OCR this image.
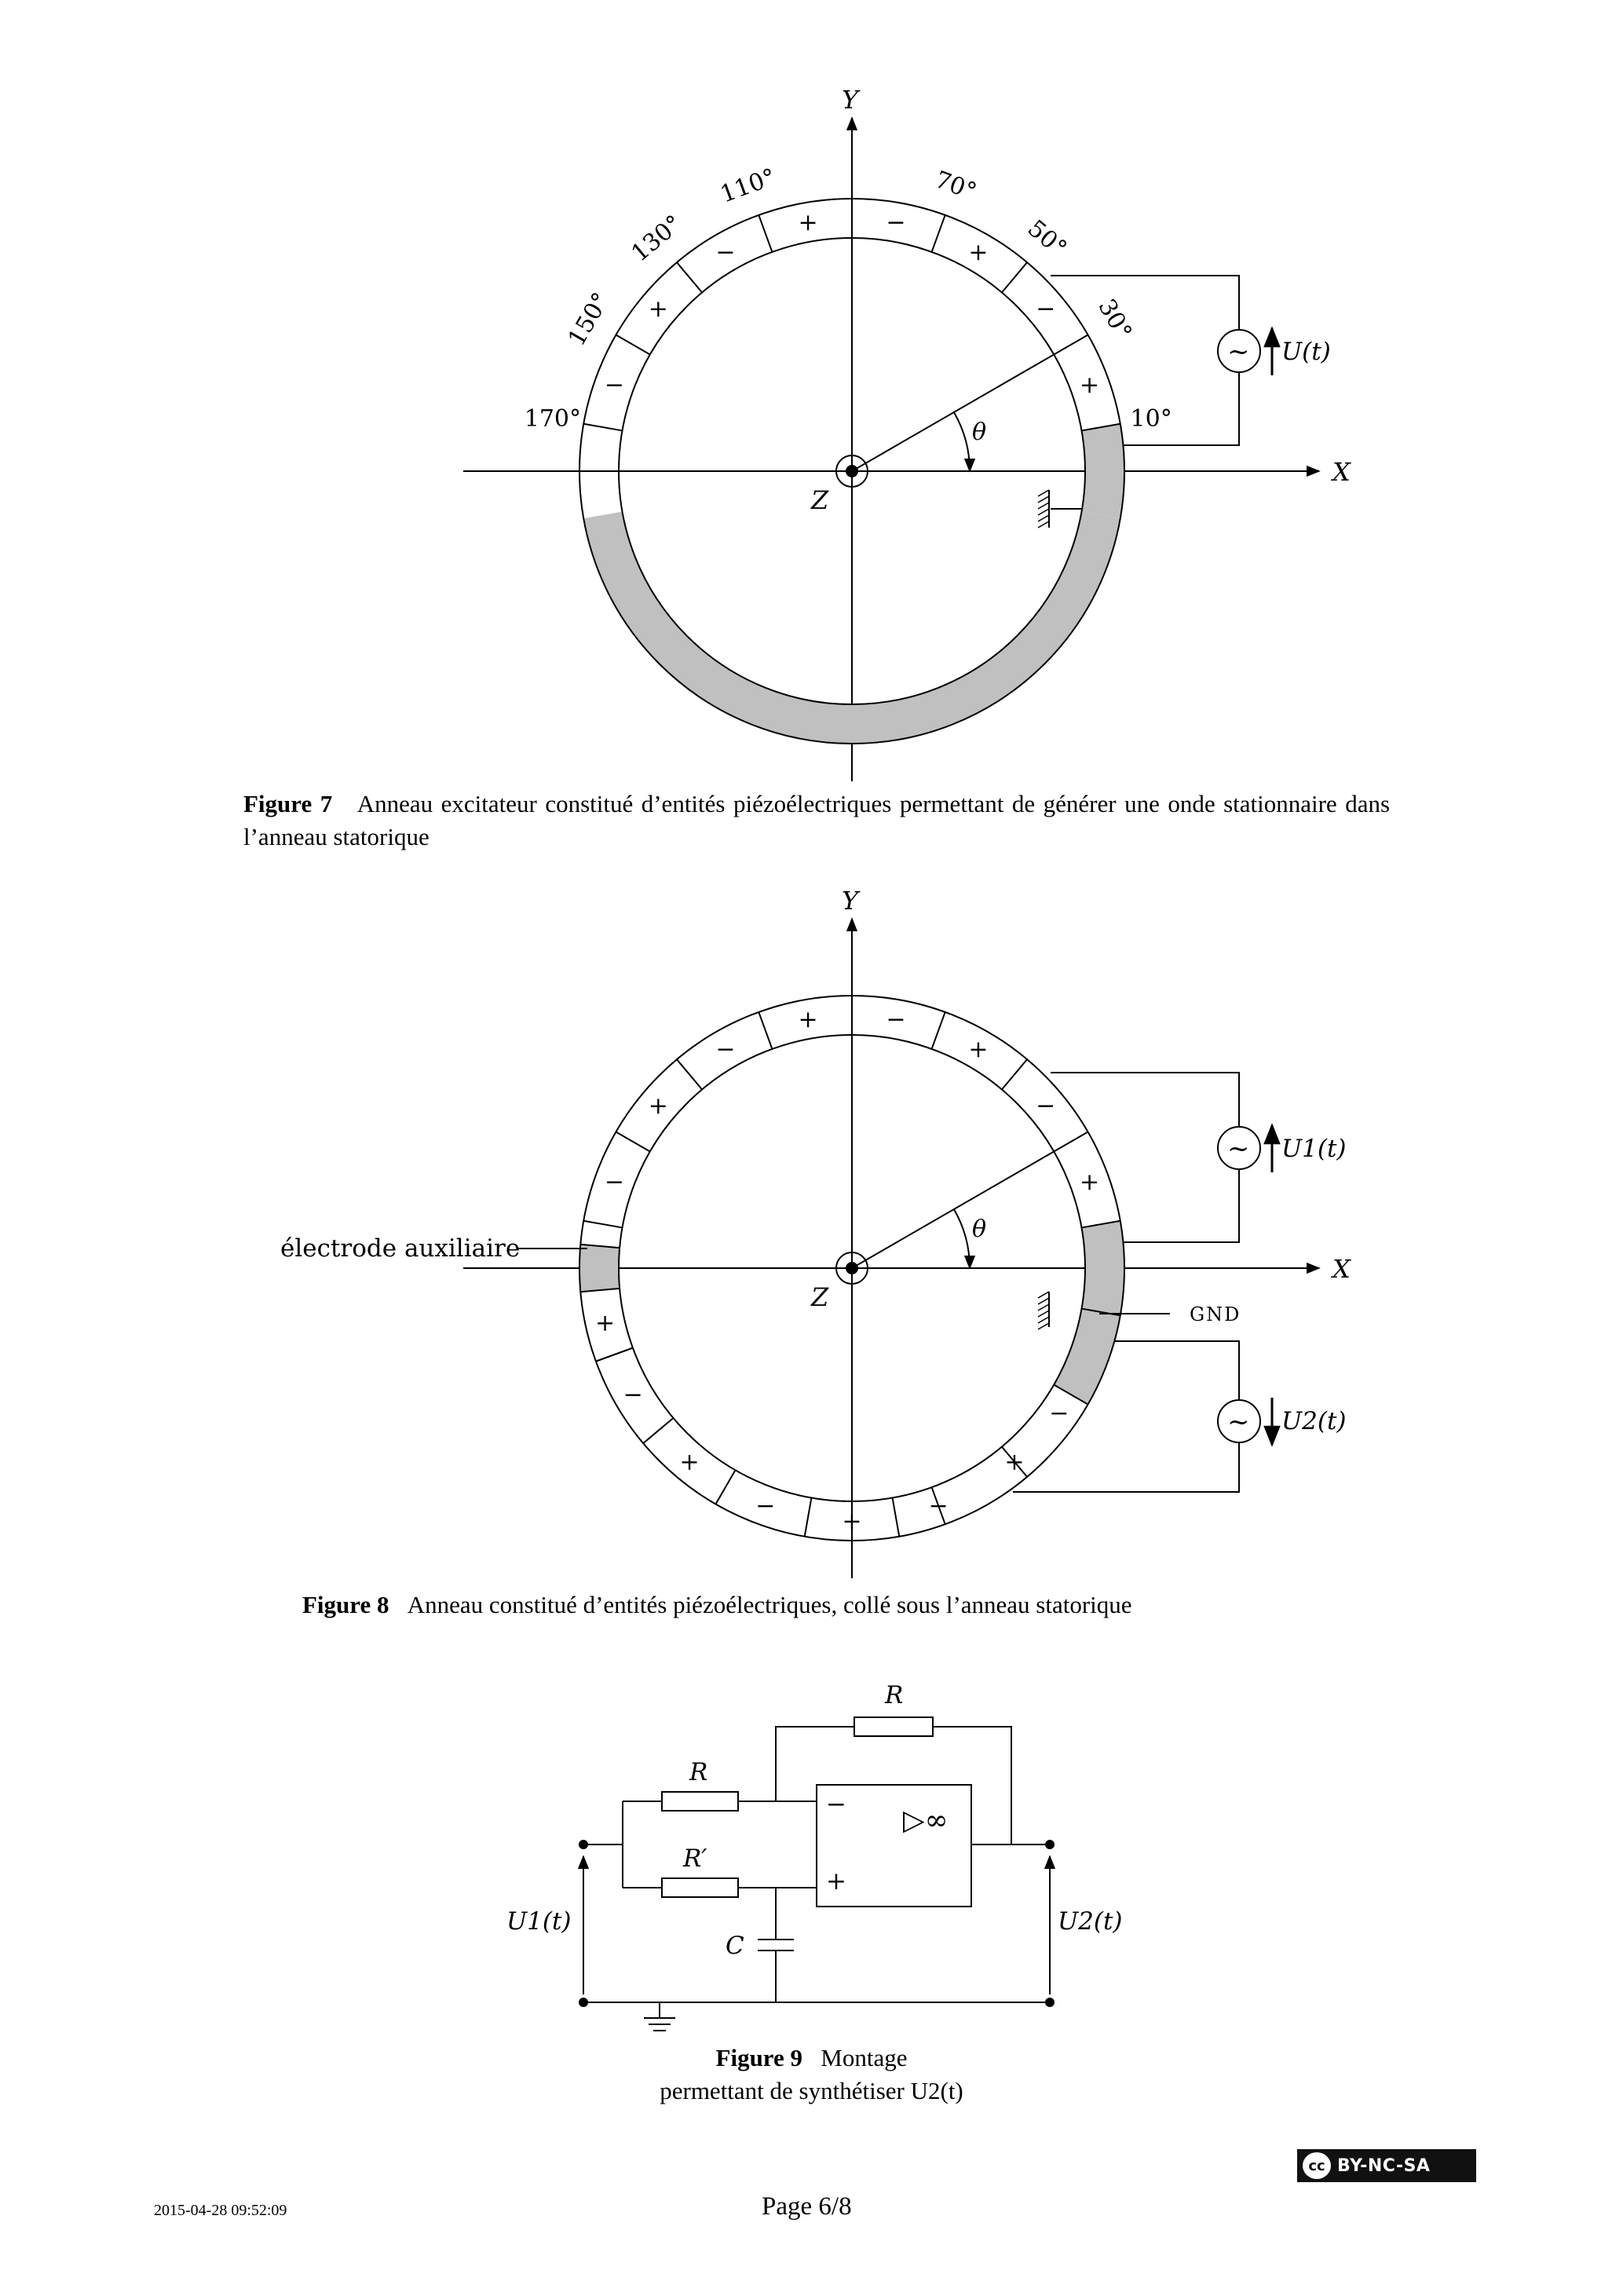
X
Y
Z
+
−
+
−
+
−
+
−
θ
~ U(t)
10°
30°
50°
70°
110°
130°
150°
170°
Figure 7 Anneau excitateur constitué d’entités piézoélectriques permettant de générer une onde stationnaire dans l’anneau statorique
X
Y
Z
+
−
+
−
+
−
+
−
+
−
+
−
+
−
+
−
θ
~ U1(t)
~ U2(t)
GND
électrode auxiliaire
Figure 8 Anneau constitué d’entités piézoélectriques, collé sous l’anneau statorique
R
R
R′
C
U1(t)	U2(t)
−
+
▷∞
Figure 9 Montage
permettant de synthétiser U2(t)
2015-04-28 09:52:09	Page 6/8
cc BY-NC-SA
